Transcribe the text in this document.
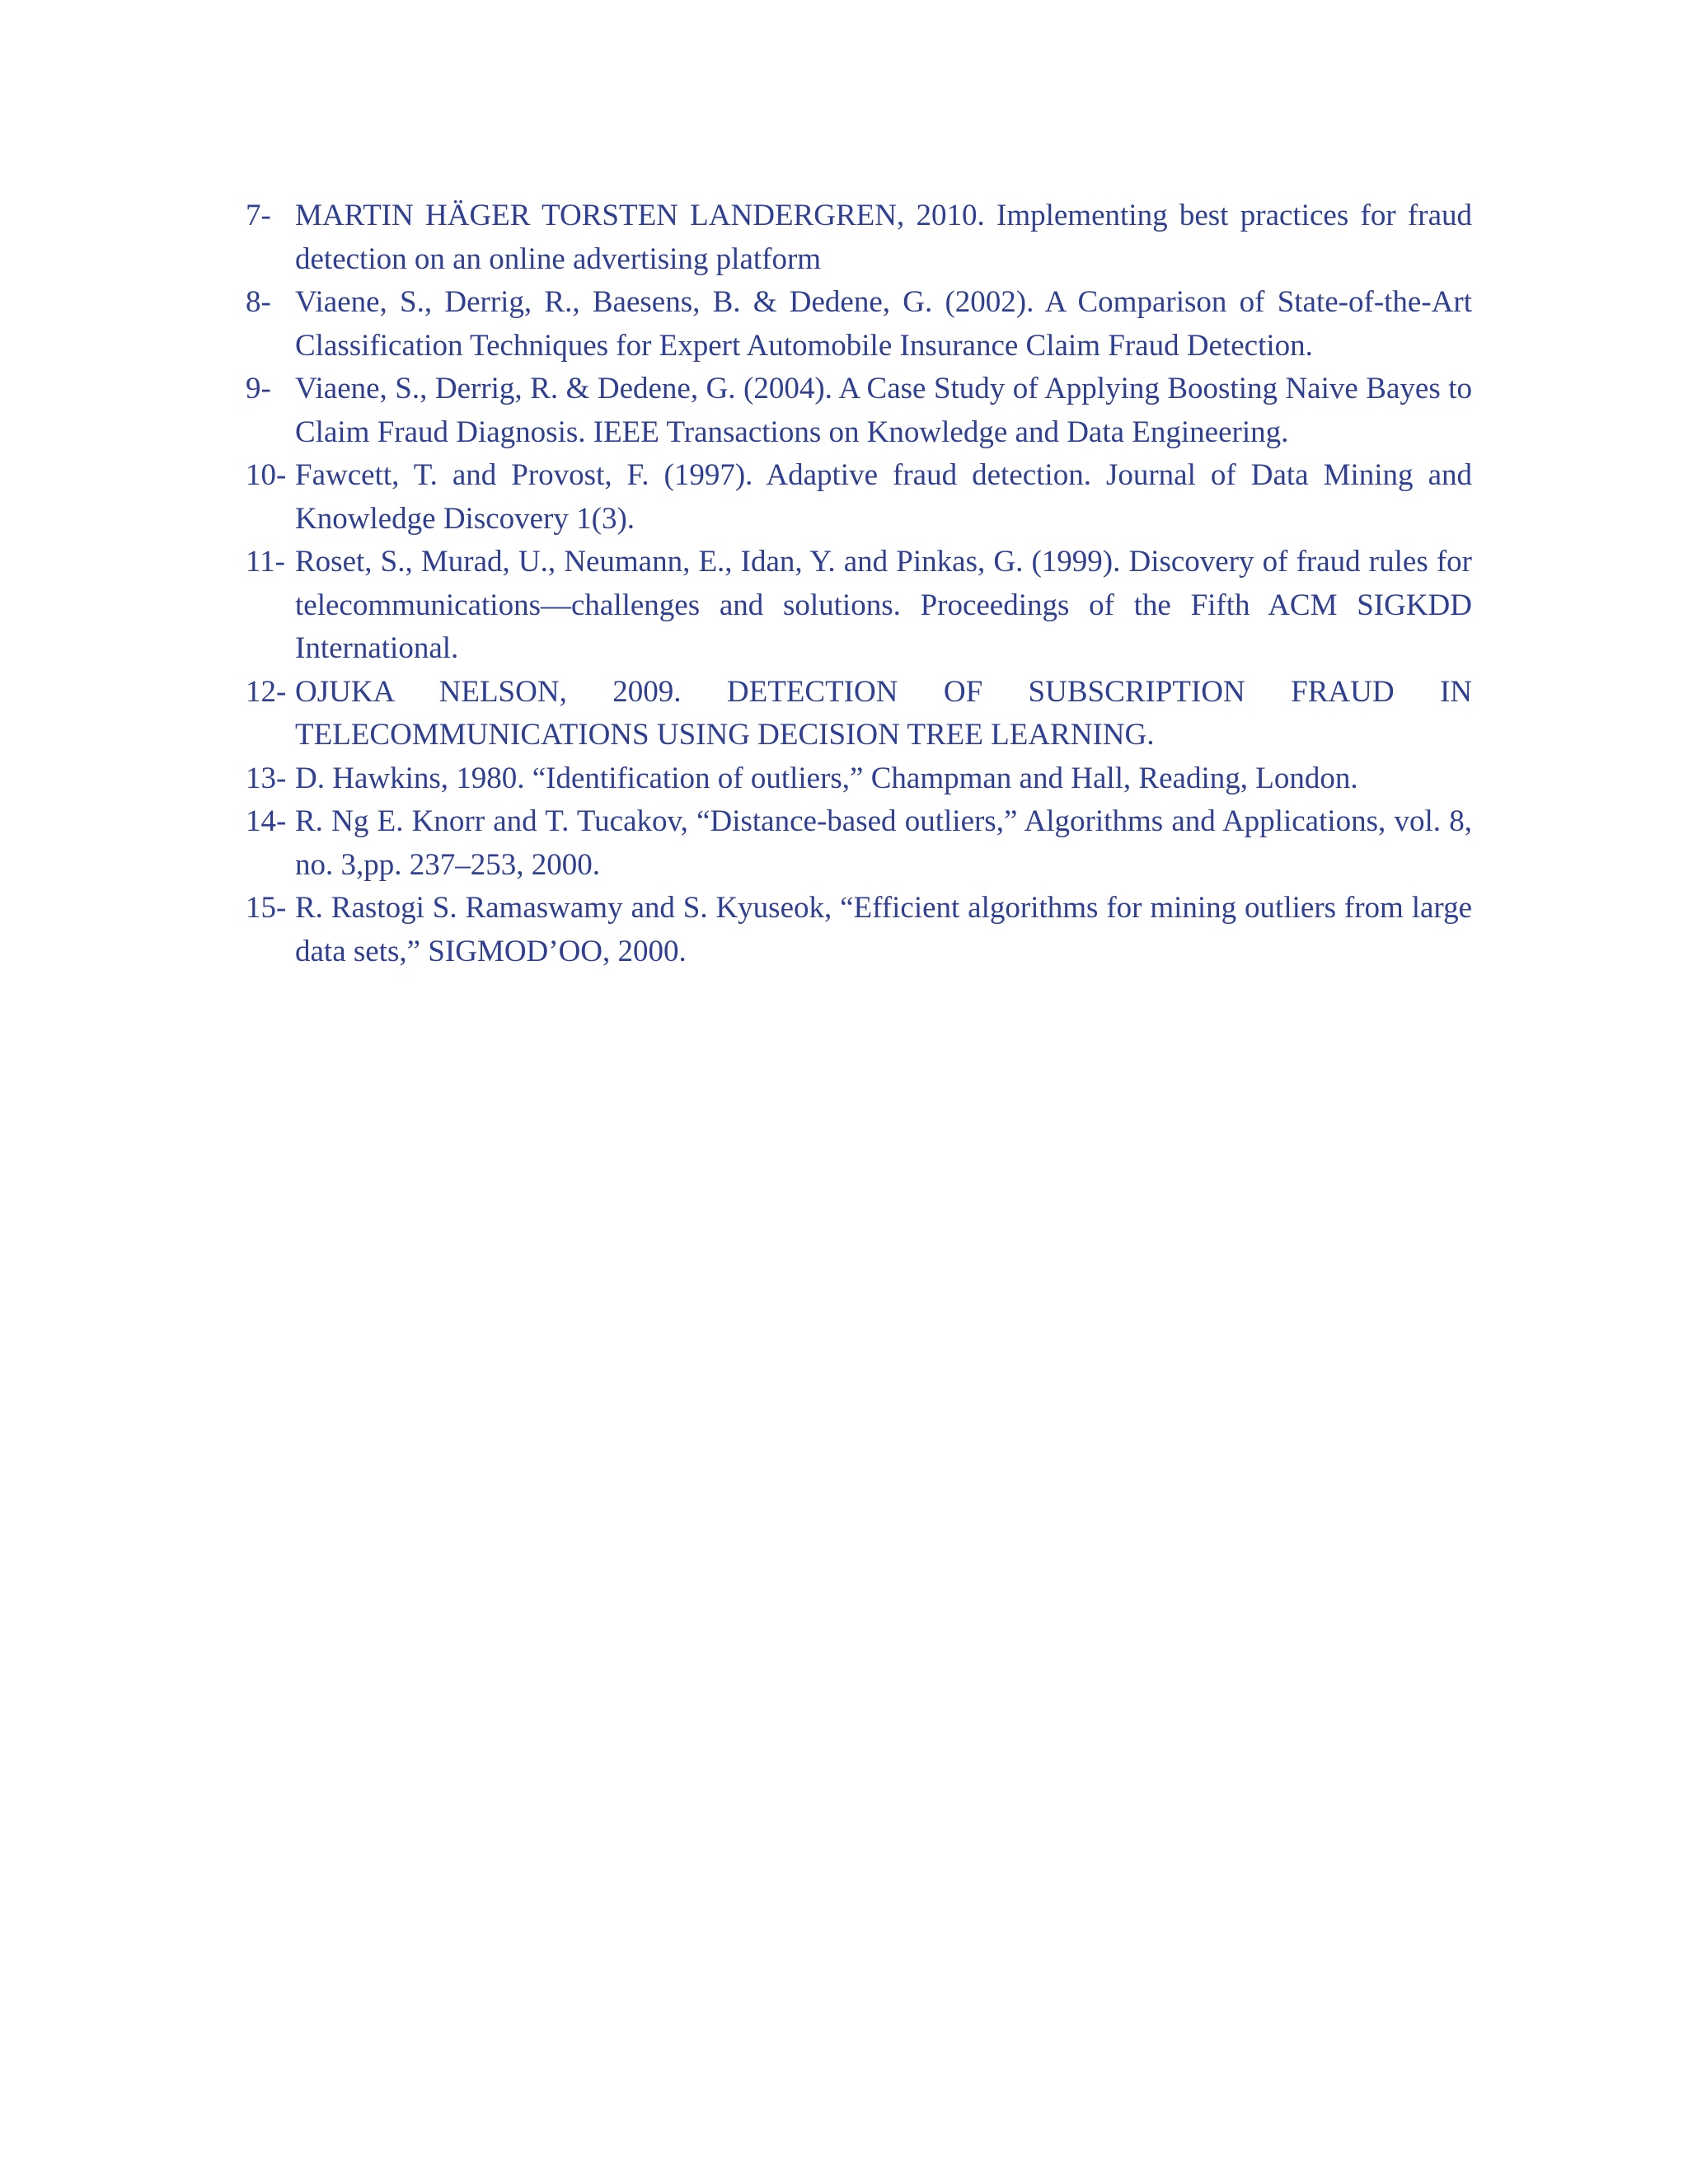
7- MARTIN HÄGER TORSTEN LANDERGREN, 2010. Implementing best practices for fraud detection on an online advertising platform
8- Viaene, S., Derrig, R., Baesens, B. & Dedene, G. (2002). A Comparison of State-of-the-Art Classification Techniques for Expert Automobile Insurance Claim Fraud Detection.
9- Viaene, S., Derrig, R. & Dedene, G. (2004). A Case Study of Applying Boosting Naive Bayes to Claim Fraud Diagnosis. IEEE Transactions on Knowledge and Data Engineering.
10- Fawcett, T. and Provost, F. (1997). Adaptive fraud detection. Journal of Data Mining and Knowledge Discovery 1(3).
11- Roset, S., Murad, U., Neumann, E., Idan, Y. and Pinkas, G. (1999). Discovery of fraud rules for telecommunications—challenges and solutions. Proceedings of the Fifth ACM SIGKDD International.
12- OJUKA NELSON, 2009. DETECTION OF SUBSCRIPTION FRAUD IN TELECOMMUNICATIONS USING DECISION TREE LEARNING.
13- D. Hawkins, 1980. “Identification of outliers,” Champman and Hall, Reading, London.
14- R. Ng E. Knorr and T. Tucakov, “Distance-based outliers,” Algorithms and Applications, vol. 8, no. 3,pp. 237–253, 2000.
15- R. Rastogi S. Ramaswamy and S. Kyuseok, “Efficient algorithms for mining outliers from large data sets,” SIGMOD’OO, 2000.
